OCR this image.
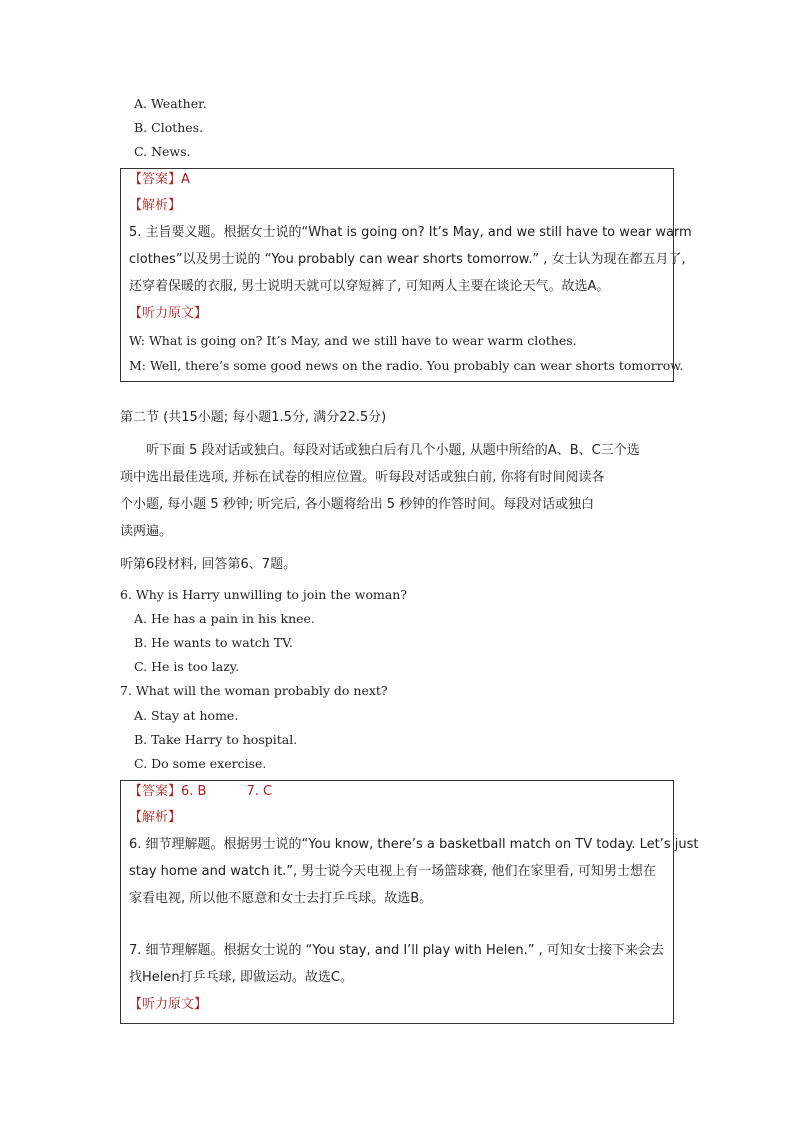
A. Weather.
B. Clothes.
C. News.
【答案】A
【解析】
5. 主旨要义题。根据女士说的“What is going on? It’s May, and we still have to wear warm
clothes”以及男士说的 “You probably can wear shorts tomorrow.” , 女士认为现在都五月了,
还穿着保暖的衣服, 男士说明天就可以穿短裤了, 可知两人主要在谈论天气。故选A。
【听力原文】
W: What is going on? It’s May, and we still have to wear warm clothes.
M: Well, there’s some good news on the radio. You probably can wear shorts tomorrow.
第二节 (共15小题; 每小题1.5分, 满分22.5分)
听下面 5 段对话或独白。每段对话或独白后有几个小题, 从题中所给的A、B、C三个选
项中选出最佳选项, 并标在试卷的相应位置。听每段对话或独白前, 你将有时间阅读各
个小题, 每小题 5 秒钟; 听完后, 各小题将给出 5 秒钟的作答时间。每段对话或独白
读两遍。
听第6段材料, 回答第6、7题。
6. Why is Harry unwilling to join the woman?
A. He has a pain in his knee.
B. He wants to watch TV.
C. He is too lazy.
7. What will the woman probably do next?
A. Stay at home.
B. Take Harry to hospital.
C. Do some exercise.
【答案】6. B	7. C
【解析】
6. 细节理解题。根据男士说的“You know, there’s a basketball match on TV today. Let’s just
stay home and watch it.”, 男士说今天电视上有一场篮球赛, 他们在家里看, 可知男士想在
家看电视, 所以他不愿意和女士去打乒乓球。故选B。
7. 细节理解题。根据女士说的 “You stay, and I’ll play with Helen.” , 可知女士接下来会去
找Helen打乒乓球, 即做运动。故选C。
【听力原文】
